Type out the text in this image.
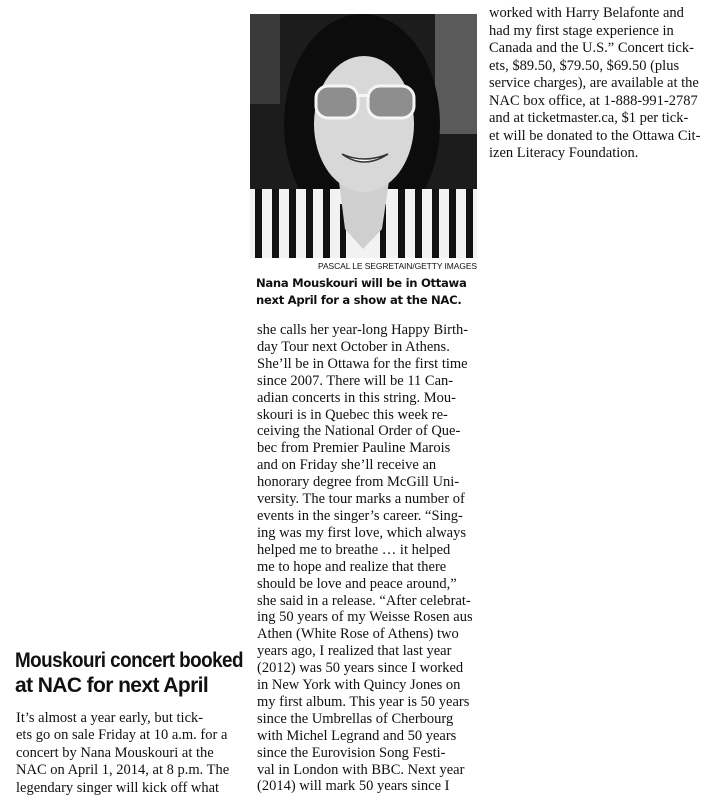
PASCAL LE SEGRETAIN/GETTY IMAGES
Nana Mouskouri will be in Ottawa
next April for a show at the NAC.
Mouskouri concert booked
at NAC for next April
It’s almost a year early, but tick-
ets go on sale Friday at 10 a.m. for a
concert by Nana Mouskouri at the
NAC on April 1, 2014, at 8 p.m. The
legendary singer will kick off what
she calls her year-long Happy Birth-
day Tour next October in Athens.
She’ll be in Ottawa for the first time
since 2007. There will be 11 Can-
adian concerts in this string. Mou-
skouri is in Quebec this week re-
ceiving the National Order of Que-
bec from Premier Pauline Marois
and on Friday she’ll receive an
honorary degree from McGill Uni-
versity. The tour marks a number of
events in the singer’s career. “Sing-
ing was my first love, which always
helped me to breathe … it helped
me to hope and realize that there
should be love and peace around,”
she said in a release. “After celebrat-
ing 50 years of my Weisse Rosen aus
Athen (White Rose of Athens) two
years ago, I realized that last year
(2012) was 50 years since I worked
in New York with Quincy Jones on
my first album. This year is 50 years
since the Umbrellas of Cherbourg
with Michel Legrand and 50 years
since the Eurovision Song Festi-
val in London with BBC. Next year
(2014) will mark 50 years since I
worked with Harry Belafonte and
had my first stage experience in
Canada and the U.S.” Concert tick-
ets, $89.50, $79.50, $69.50 (plus
service charges), are available at the
NAC box office, at 1-888-991-2787
and at ticketmaster.ca, $1 per tick-
et will be donated to the Ottawa Cit-
izen Literacy Foundation.
